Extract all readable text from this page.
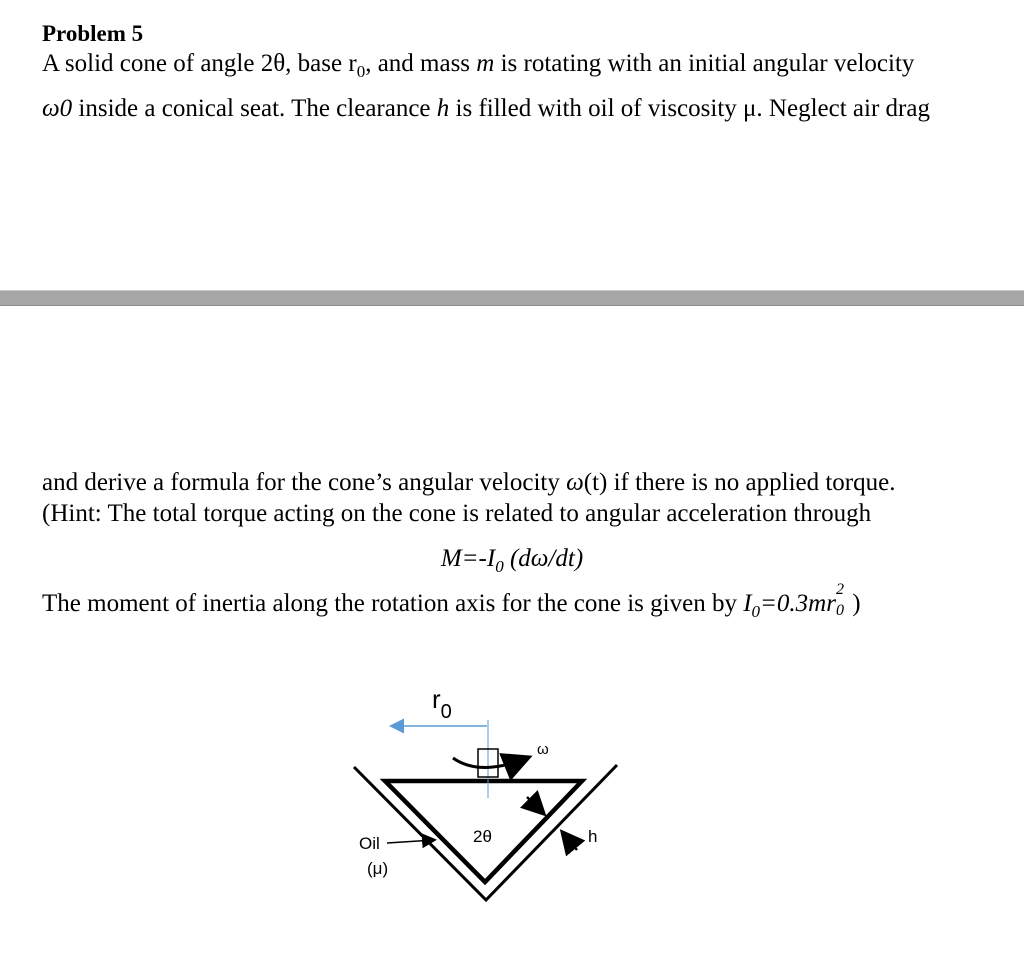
Problem 5
A solid cone of angle 2θ, base $r_0$, and mass m is rotating with an initial angular velocity
ω0 inside a conical seat. The clearance h is filled with oil of viscosity μ. Neglect air drag
and derive a formula for the cone’s angular velocity ω(t) if there is no applied torque.
(Hint: The total torque acting on the cone is related to angular acceleration through
$M=-I_0$ (dω/dt)
The moment of inertia along the rotation axis for the cone is given by $I_0=0.3mr$
2
0 )
$r_0$
ω
2θ	h
Oil
(μ)
